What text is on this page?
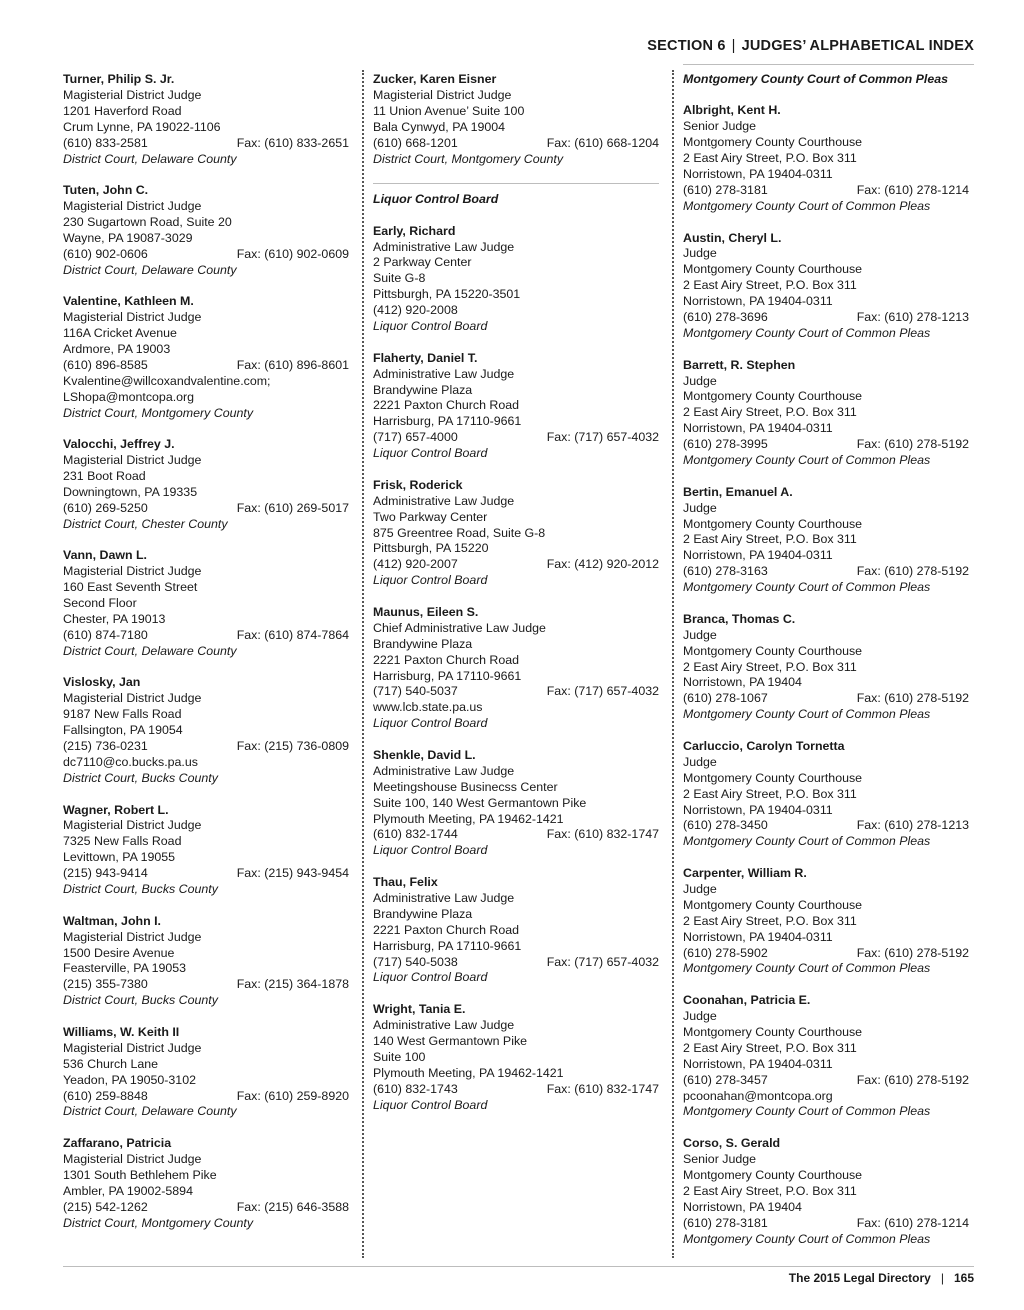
SECTION 6 | JUDGES’ ALPHABETICAL INDEX
Turner, Philip S. Jr.
Magisterial District Judge
1201 Haverford Road
Crum Lynne, PA 19022-1106
(610) 833-2581	Fax: (610) 833-2651
District Court, Delaware County
Tuten, John C.
Magisterial District Judge
230 Sugartown Road, Suite 20
Wayne, PA 19087-3029
(610) 902-0606	Fax: (610) 902-0609
District Court, Delaware County
Valentine, Kathleen M.
Magisterial District Judge
116A Cricket Avenue
Ardmore, PA 19003
(610) 896-8585	Fax: (610) 896-8601
Kvalentine@willcoxandvalentine.com;
LShopa@montcopa.org
District Court, Montgomery County
Valocchi, Jeffrey J.
Magisterial District Judge
231 Boot Road
Downingtown, PA 19335
(610) 269-5250	Fax: (610) 269-5017
District Court, Chester County
Vann, Dawn L.
Magisterial District Judge
160 East Seventh Street
Second Floor
Chester, PA 19013
(610) 874-7180	Fax: (610) 874-7864
District Court, Delaware County
Vislosky, Jan
Magisterial District Judge
9187 New Falls Road
Fallsington, PA 19054
(215) 736-0231	Fax: (215) 736-0809
dc7110@co.bucks.pa.us
District Court, Bucks County
Wagner, Robert L.
Magisterial District Judge
7325 New Falls Road
Levittown, PA 19055
(215) 943-9414	Fax: (215) 943-9454
District Court, Bucks County
Waltman, John I.
Magisterial District Judge
1500 Desire Avenue
Feasterville, PA 19053
(215) 355-7380	Fax: (215) 364-1878
District Court, Bucks County
Williams, W. Keith II
Magisterial District Judge
536 Church Lane
Yeadon, PA 19050-3102
(610) 259-8848	Fax: (610) 259-8920
District Court, Delaware County
Zaffarano, Patricia
Magisterial District Judge
1301 South Bethlehem Pike
Ambler, PA 19002-5894
(215) 542-1262	Fax: (215) 646-3588
District Court, Montgomery County
Zucker, Karen Eisner
Magisterial District Judge
11 Union Avenue’ Suite 100
Bala Cynwyd, PA 19004
(610) 668-1201	Fax: (610) 668-1204
District Court, Montgomery County
Liquor Control Board
Early, Richard
Administrative Law Judge
2 Parkway Center
Suite G-8
Pittsburgh, PA 15220-3501
(412) 920-2008
Liquor Control Board
Flaherty, Daniel T.
Administrative Law Judge
Brandywine Plaza
2221 Paxton Church Road
Harrisburg, PA 17110-9661
(717) 657-4000	Fax: (717) 657-4032
Liquor Control Board
Frisk, Roderick
Administrative Law Judge
Two Parkway Center
875 Greentree Road, Suite G-8
Pittsburgh, PA 15220
(412) 920-2007	Fax: (412) 920-2012
Liquor Control Board
Maunus, Eileen S.
Chief Administrative Law Judge
Brandywine Plaza
2221 Paxton Church Road
Harrisburg, PA 17110-9661
(717) 540-5037	Fax: (717) 657-4032
www.lcb.state.pa.us
Liquor Control Board
Shenkle, David L.
Administrative Law Judge
Meetingshouse Businecss Center
Suite 100, 140 West Germantown Pike
Plymouth Meeting, PA 19462-1421
(610) 832-1744	Fax: (610) 832-1747
Liquor Control Board
Thau, Felix
Administrative Law Judge
Brandywine Plaza
2221 Paxton Church Road
Harrisburg, PA 17110-9661
(717) 540-5038	Fax: (717) 657-4032
Liquor Control Board
Wright, Tania E.
Administrative Law Judge
140 West Germantown Pike
Suite 100
Plymouth Meeting, PA 19462-1421
(610) 832-1743	Fax: (610) 832-1747
Liquor Control Board
Montgomery County Court of Common Pleas
Albright, Kent H.
Senior Judge
Montgomery County Courthouse
2 East Airy Street, P.O. Box 311
Norristown, PA 19404-0311
(610) 278-3181	Fax: (610) 278-1214
Montgomery County Court of Common Pleas
Austin, Cheryl L.
Judge
Montgomery County Courthouse
2 East Airy Street, P.O. Box 311
Norristown, PA 19404-0311
(610) 278-3696	Fax: (610) 278-1213
Montgomery County Court of Common Pleas
Barrett, R. Stephen
Judge
Montgomery County Courthouse
2 East Airy Street, P.O. Box 311
Norristown, PA 19404-0311
(610) 278-3995	Fax: (610) 278-5192
Montgomery County Court of Common Pleas
Bertin, Emanuel A.
Judge
Montgomery County Courthouse
2 East Airy Street, P.O. Box 311
Norristown, PA 19404-0311
(610) 278-3163	Fax: (610) 278-5192
Montgomery County Court of Common Pleas
Branca, Thomas C.
Judge
Montgomery County Courthouse
2 East Airy Street, P.O. Box 311
Norristown, PA 19404
(610) 278-1067	Fax: (610) 278-5192
Montgomery County Court of Common Pleas
Carluccio, Carolyn Tornetta
Judge
Montgomery County Courthouse
2 East Airy Street, P.O. Box 311
Norristown, PA 19404-0311
(610) 278-3450	Fax: (610) 278-1213
Montgomery County Court of Common Pleas
Carpenter, William R.
Judge
Montgomery County Courthouse
2 East Airy Street, P.O. Box 311
Norristown, PA 19404-0311
(610) 278-5902	Fax: (610) 278-5192
Montgomery County Court of Common Pleas
Coonahan, Patricia E.
Judge
Montgomery County Courthouse
2 East Airy Street, P.O. Box 311
Norristown, PA 19404-0311
(610) 278-3457	Fax: (610) 278-5192
pcoonahan@montcopa.org
Montgomery County Court of Common Pleas
Corso, S. Gerald
Senior Judge
Montgomery County Courthouse
2 East Airy Street, P.O. Box 311
Norristown, PA 19404
(610) 278-3181	Fax: (610) 278-1214
Montgomery County Court of Common Pleas
The 2015 Legal Directory | 165
